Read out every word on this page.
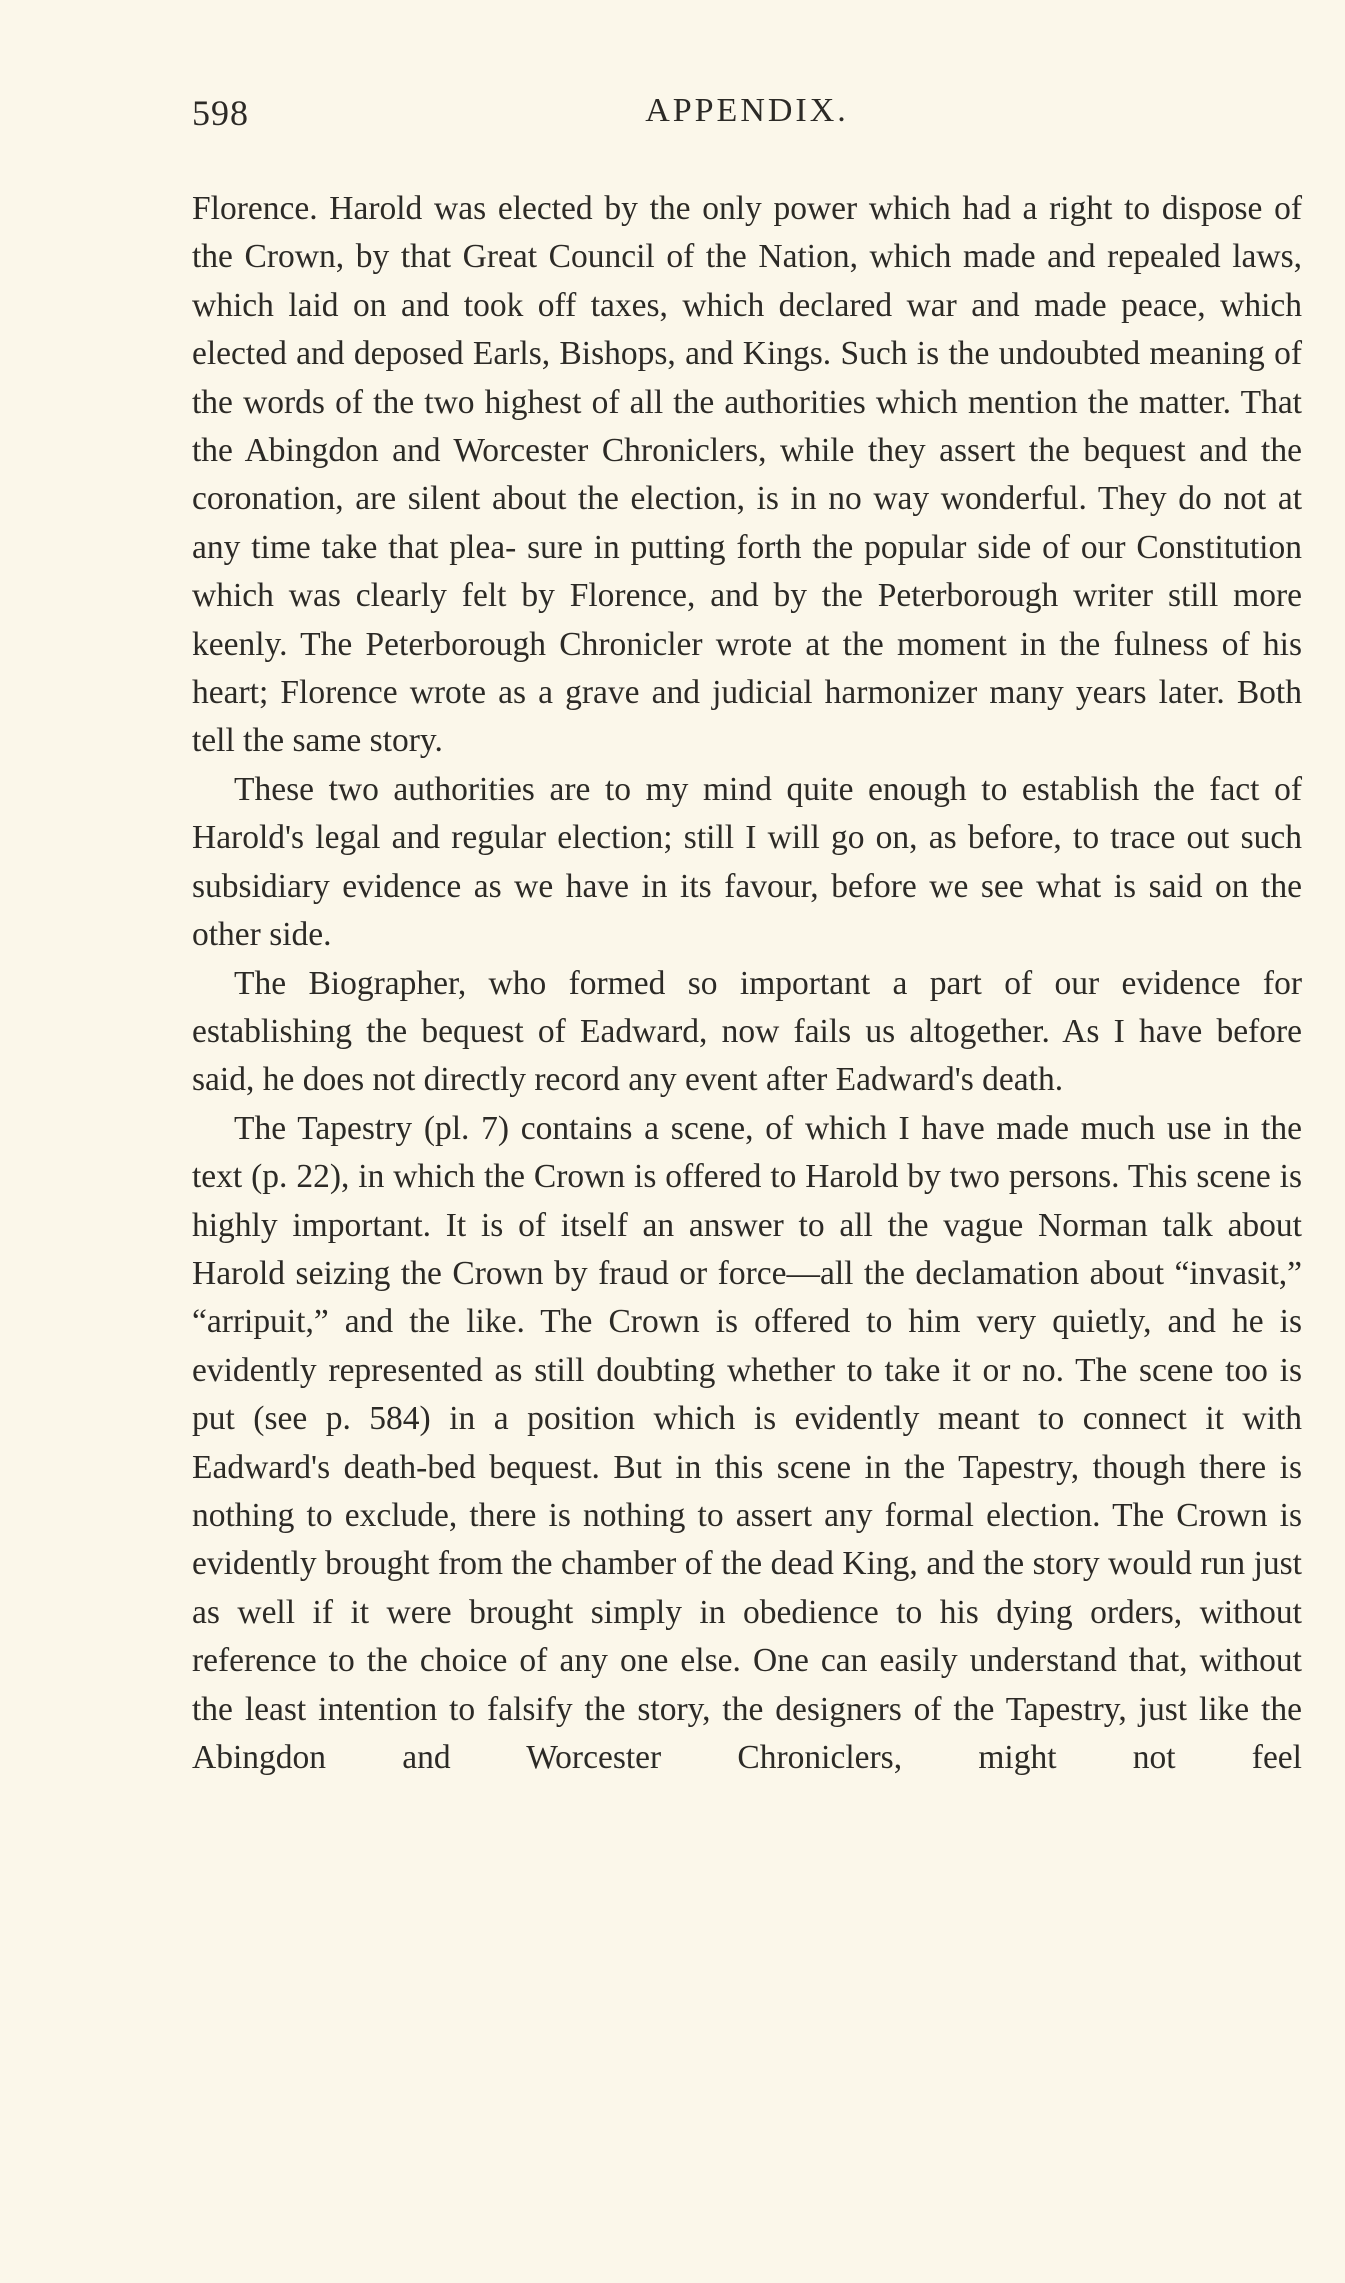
598	APPENDIX.

Florence. Harold was elected by the only power which had a right to dispose of the Crown, by that Great Council of the Nation, which made and repealed laws, which laid on and took off taxes, which declared war and made peace, which elected and deposed Earls, Bishops, and Kings. Such is the undoubted meaning of the words of the two highest of all the authorities which mention the matter. That the Abingdon and Worcester Chroniclers, while they assert the bequest and the coronation, are silent about the election, is in no way wonderful. They do not at any time take that plea- sure in putting forth the popular side of our Constitution which was clearly felt by Florence, and by the Peterborough writer still more keenly. The Peterborough Chronicler wrote at the moment in the fulness of his heart; Florence wrote as a grave and judicial harmonizer many years later. Both tell the same story.

These two authorities are to my mind quite enough to establish the fact of Harold's legal and regular election; still I will go on, as before, to trace out such subsidiary evidence as we have in its favour, before we see what is said on the other side.

The Biographer, who formed so important a part of our evidence for establishing the bequest of Eadward, now fails us altogether. As I have before said, he does not directly record any event after Eadward's death.

The Tapestry (pl. 7) contains a scene, of which I have made much use in the text (p. 22), in which the Crown is offered to Harold by two persons. This scene is highly important. It is of itself an answer to all the vague Norman talk about Harold seizing the Crown by fraud or force—all the declamation about “invasit,” “arripuit,” and the like. The Crown is offered to him very quietly, and he is evidently represented as still doubting whether to take it or no. The scene too is put (see p. 584) in a position which is evidently meant to connect it with Eadward's death-bed bequest. But in this scene in the Tapestry, though there is nothing to exclude, there is nothing to assert any formal election. The Crown is evidently brought from the chamber of the dead King, and the story would run just as well if it were brought simply in obedience to his dying orders, without reference to the choice of any one else. One can easily understand that, without the least intention to falsify the story, the designers of the Tapestry, just like the Abingdon and Worcester Chroniclers, might not feel
